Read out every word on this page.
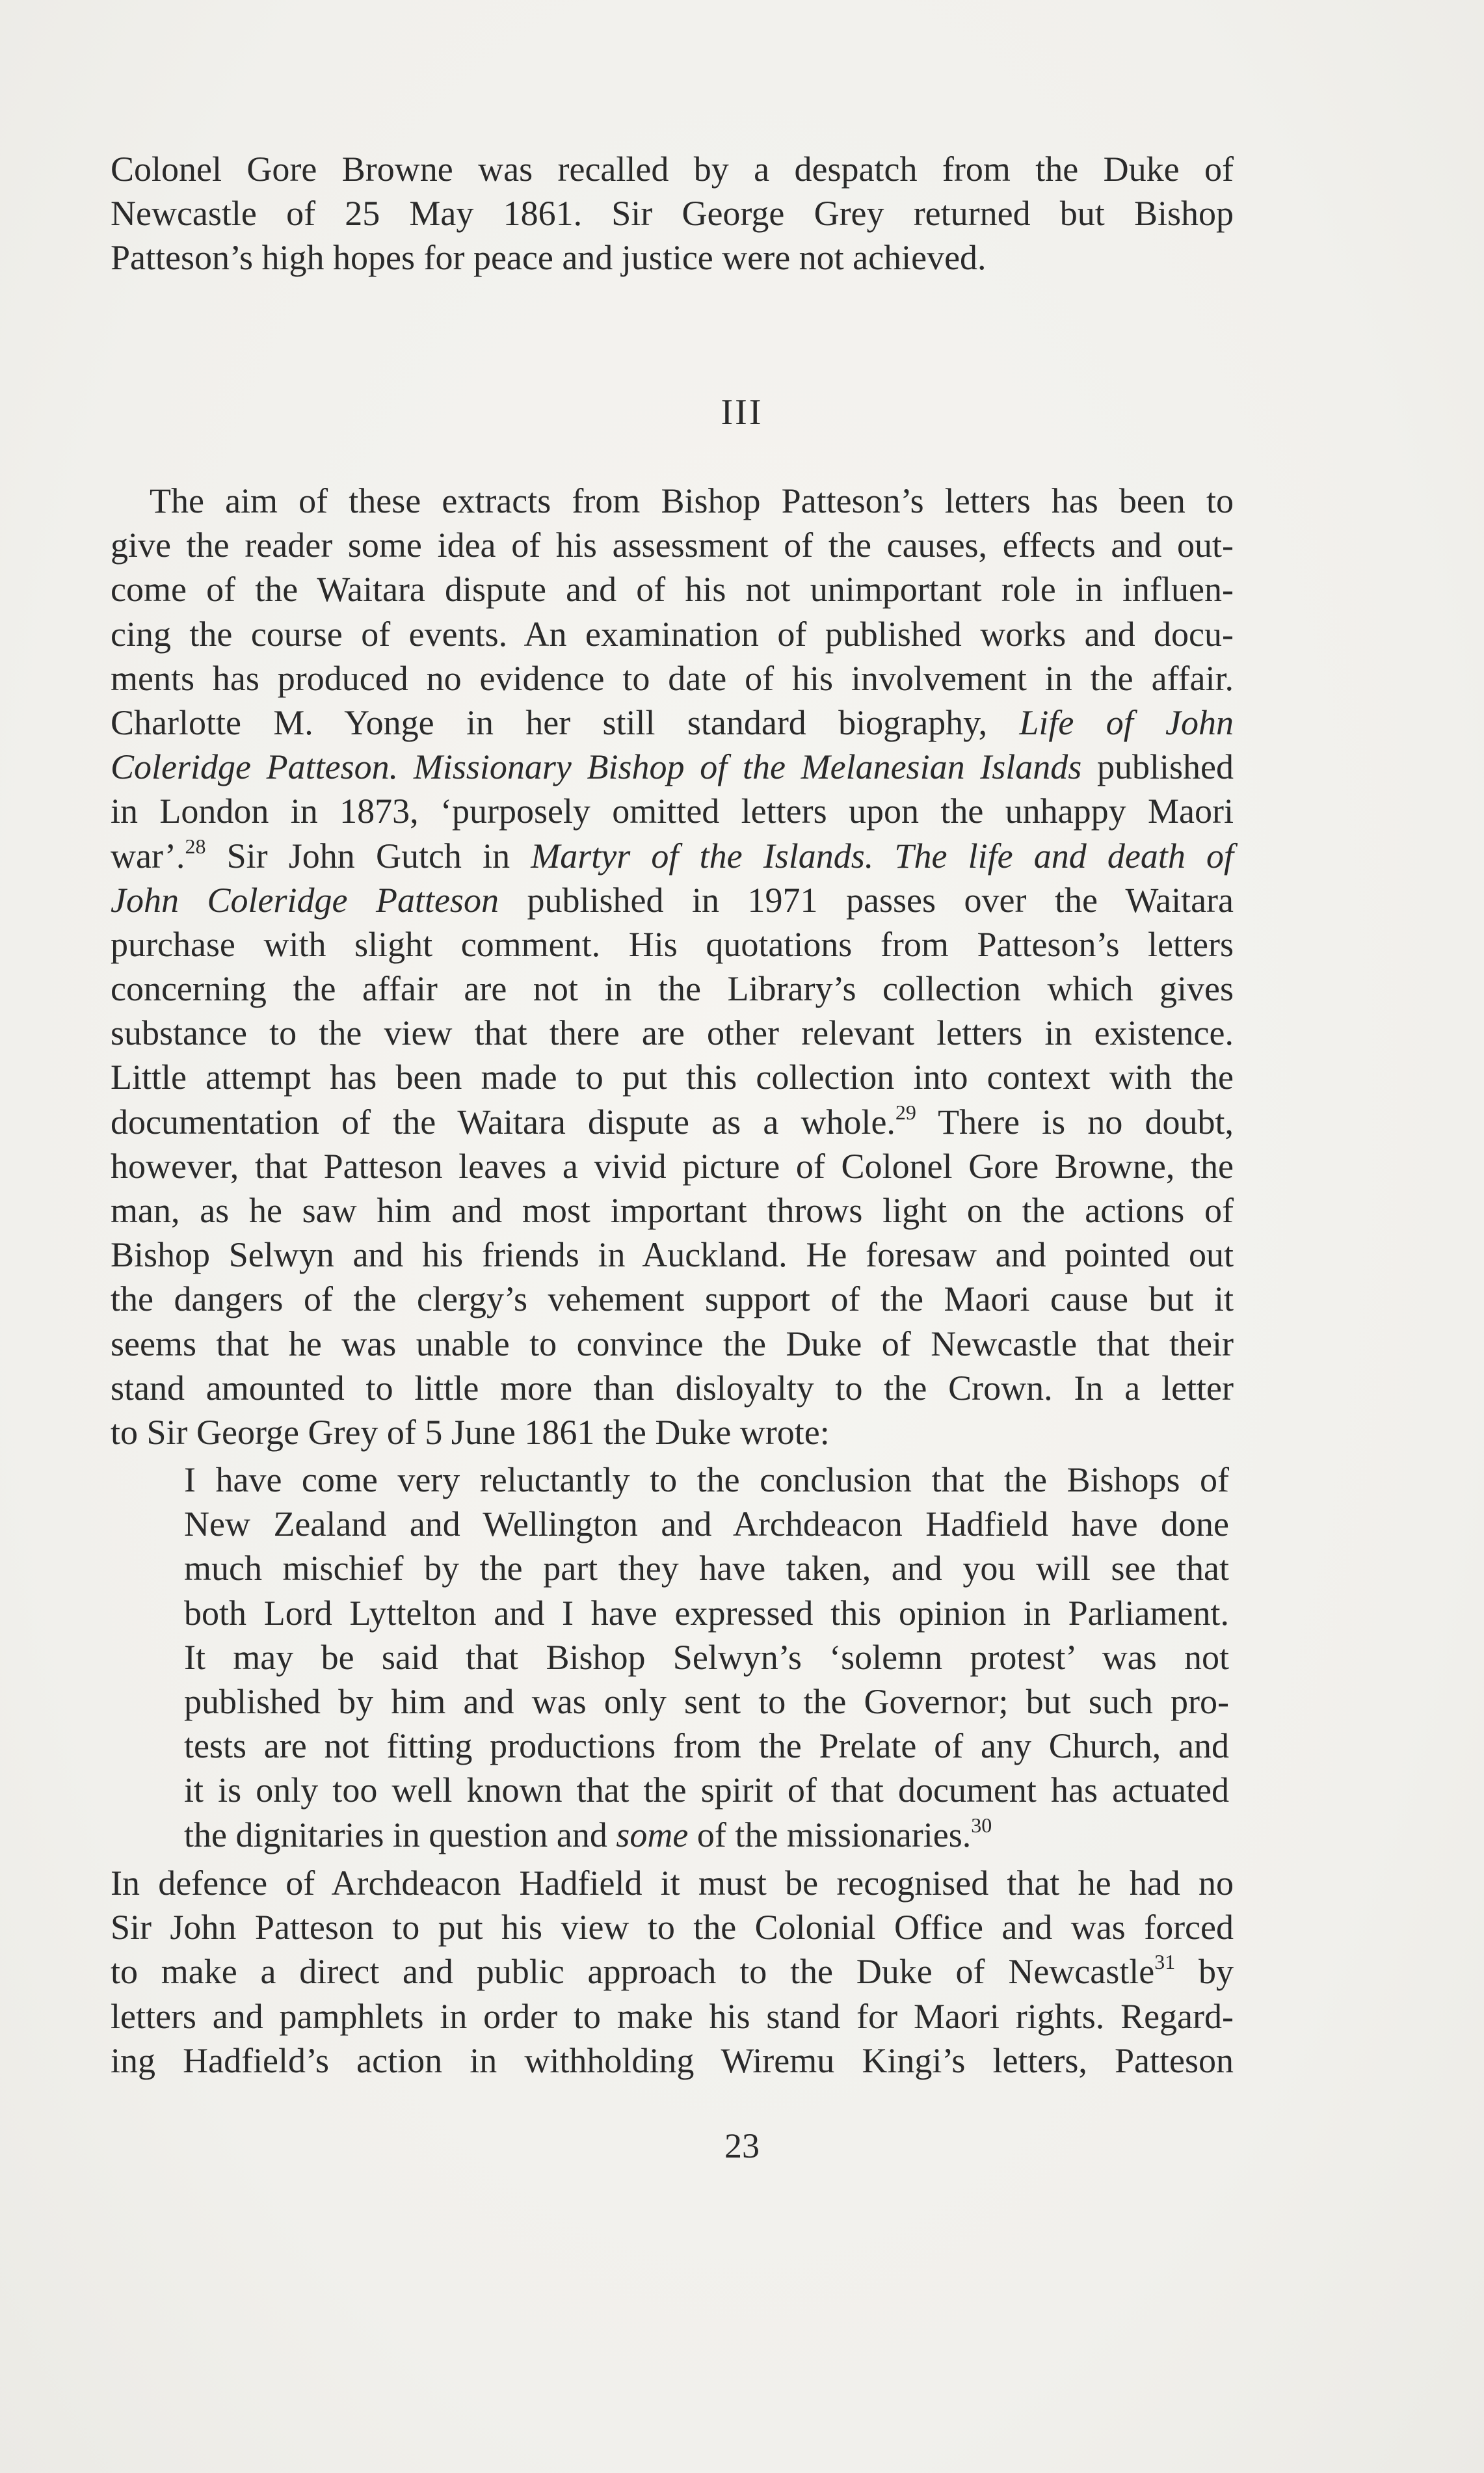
Colonel Gore Browne was recalled by a despatch from the Duke of
Newcastle of 25 May 1861. Sir George Grey returned but Bishop
Patteson’s high hopes for peace and justice were not achieved.
III
The aim of these extracts from Bishop Patteson’s letters has been to
give the reader some idea of his assessment of the causes, effects and out-
come of the Waitara dispute and of his not unimportant role in influen-
cing the course of events. An examination of published works and docu-
ments has produced no evidence to date of his involvement in the affair.
Charlotte M. Yonge in her still standard biography, Life of John
Coleridge Patteson. Missionary Bishop of the Melanesian Islands published
in London in 1873, ‘purposely omitted letters upon the unhappy Maori
war’.$^{28}$ Sir John Gutch in Martyr of the Islands. The life and death of
John Coleridge Patteson published in 1971 passes over the Waitara
purchase with slight comment. His quotations from Patteson’s letters
concerning the affair are not in the Library’s collection which gives
substance to the view that there are other relevant letters in existence.
Little attempt has been made to put this collection into context with the
documentation of the Waitara dispute as a whole.$^{29}$ There is no doubt,
however, that Patteson leaves a vivid picture of Colonel Gore Browne, the
man, as he saw him and most important throws light on the actions of
Bishop Selwyn and his friends in Auckland. He foresaw and pointed out
the dangers of the clergy’s vehement support of the Maori cause but it
seems that he was unable to convince the Duke of Newcastle that their
stand amounted to little more than disloyalty to the Crown. In a letter
to Sir George Grey of 5 June 1861 the Duke wrote:
I have come very reluctantly to the conclusion that the Bishops of
New Zealand and Wellington and Archdeacon Hadfield have done
much mischief by the part they have taken, and you will see that
both Lord Lyttelton and I have expressed this opinion in Parliament.
It may be said that Bishop Selwyn’s ‘solemn protest’ was not
published by him and was only sent to the Governor; but such pro-
tests are not fitting productions from the Prelate of any Church, and
it is only too well known that the spirit of that document has actuated
the dignitaries in question and some of the missionaries.$^{30}$
In defence of Archdeacon Hadfield it must be recognised that he had no
Sir John Patteson to put his view to the Colonial Office and was forced
to make a direct and public approach to the Duke of Newcastle$^{31}$ by
letters and pamphlets in order to make his stand for Maori rights. Regard-
ing Hadfield’s action in withholding Wiremu Kingi’s letters, Patteson
23
